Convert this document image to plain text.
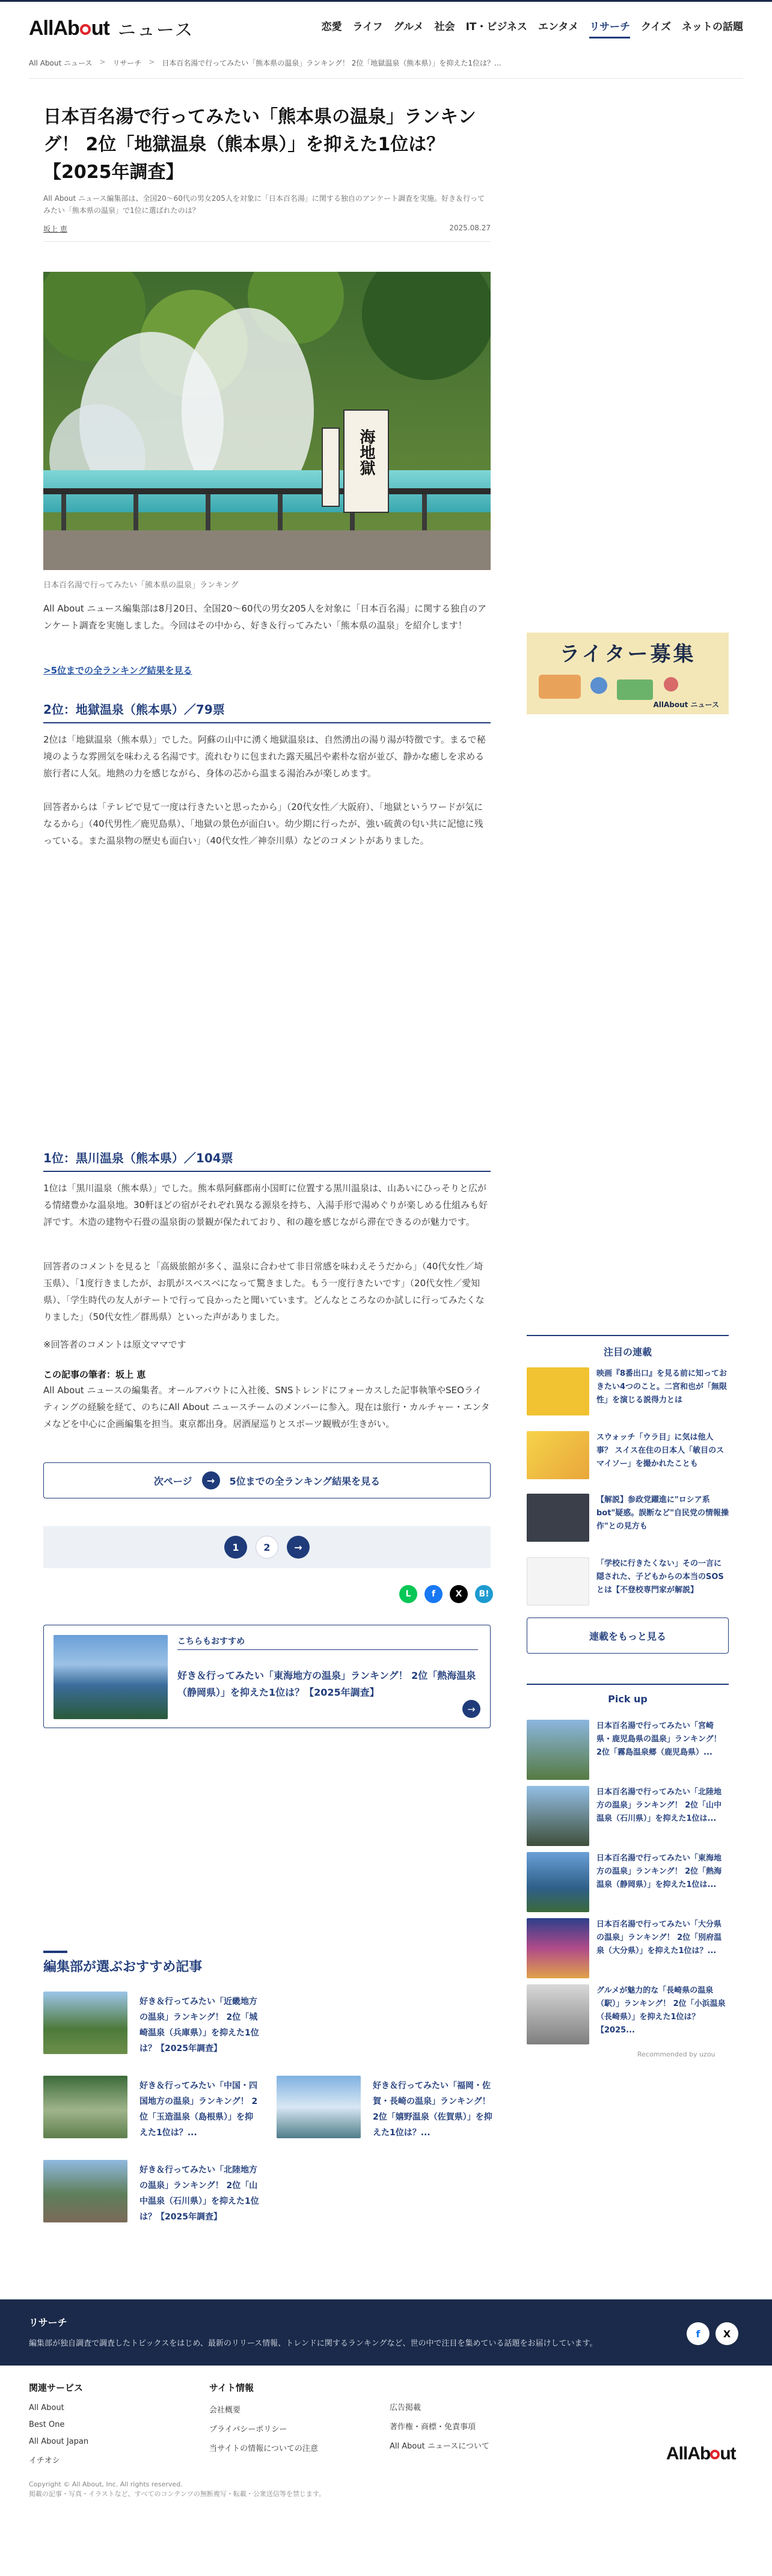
AllAb ut ニュース	恋愛 ライフ グルメ 社会 IT・ビジネス エンタメ リサーチ クイズ ネットの話題
All About ニュース > リサーチ > 日本百名湯で行ってみたい「熊本県の温泉」ランキング！ 2位「地獄温泉（熊本県）」を抑えた1位は？...
日本百名湯で行ってみたい「熊本県の温泉」ランキング！ 2位「地獄温泉（熊本県）」を抑えた1位は？【2025年調査】

All About ニュース編集部は、全国20〜60代の男女205人を対象に「日本百名湯」に関する独自のアンケート調査を実施。好き＆行ってみたい「熊本県の温泉」で1位に選ばれたのは？

坂上 恵	2025.08.27
海地獄

日本百名湯で行ってみたい「熊本県の温泉」ランキング

All About ニュース編集部は8月20日、全国20〜60代の男女205人を対象に「日本百名湯」に関する独自のアンケート調査を実施しました。今回はその中から、好き＆行ってみたい「熊本県の温泉」を紹介します！

>5位までの全ランキング結果を見る
2位：地獄温泉（熊本県）／79票

2位は「地獄温泉（熊本県）」でした。阿蘇の山中に湧く地獄温泉は、自然湧出の湯り湯が特徴です。まるで秘境のような雰囲気を味わえる名湯です。流れむりに包まれた露天風呂や素朴な宿が並び、静かな癒しを求める旅行者に人気。地熱の力を感じながら、身体の芯から温まる湯治みが楽しめます。

回答者からは「テレビで見て一度は行きたいと思ったから」（20代女性／大阪府）、「地獄というワードが気になるから」（40代男性／鹿児島県）、「地獄の景色が面白い。幼少期に行ったが、強い硫黄の匂い共に記憶に残っている。また温泉物の歴史も面白い」（40代女性／神奈川県）などのコメントがありました。

1位：黒川温泉（熊本県）／104票

1位は「黒川温泉（熊本県）」でした。熊本県阿蘇郡南小国町に位置する黒川温泉は、山あいにひっそりと広がる情緒豊かな温泉地。30軒ほどの宿がそれぞれ異なる源泉を持ち、入湯手形で湯めぐりが楽しめる仕組みも好評です。木造の建物や石畳の温泉街の景観が保たれており、和の趣を感じながら滞在できるのが魅力です。

回答者のコメントを見ると「高級旅館が多く、温泉に合わせて非日常感を味わえそうだから」（40代女性／埼玉県）、「1度行きましたが、お肌がスベスベになって驚きました。もう一度行きたいです」（20代女性／愛知県）、「学生時代の友人がテートで行って良かったと聞いています。どんなところなのか試しに行ってみたくなりました」（50代女性／群馬県）といった声がありました。

※回答者のコメントは原文ママです

この記事の筆者：坂上 恵

All About ニュースの編集者。オールアバウトに入社後、SNSトレンドにフォーカスした記事執筆やSEOライティングの経験を経て、のちにAll About ニュースチームのメンバーに参入。現在は旅行・カルチャー・エンタメなどを中心に企画編集を担当。東京都出身。居酒屋巡りとスポーツ観戦が生きがい。

次ページ	→	5位までの全ランキング結果を見る
1	2	→
L	f	X	B!
こちらもおすすめ
好き＆行ってみたい「東海地方の温泉」ランキング！ 2位「熱海温泉（静岡県）」を抑えた1位は？【2025年調査】
→
編集部が選ぶおすすめ記事
好き＆行ってみたい「近畿地方の温泉」ランキング！ 2位「城崎温泉（兵庫県）」を抑えた1位は？【2025年調査】
好き＆行ってみたい「中国・四国地方の温泉」ランキング！ 2位「玉造温泉（島根県）」を抑えた1位は？...
好き＆行ってみたい「福岡・佐賀・長崎の温泉」ランキング！ 2位「嬉野温泉（佐賀県）」を抑えた1位は？...
好き＆行ってみたい「北陸地方の温泉」ランキング！ 2位「山中温泉（石川県）」を抑えた1位は？【2025年調査】
ライター募集
AllAbout ニュース
注目の連載
映画『8番出口』を見る前に知っておきたい4つのこと。二宮和也が「無限性」を演じる説得力とは
スウォッチ「ウラ目」に気は他人事？ スイス在住の日本人「敏目のスマイソー」を撮かれたことも
【解説】参政党躍進に"ロシア系bot"疑惑。誤断など"自民党の情報操作"との見方も
「学校に行きたくない」その一言に隠された、子どもからの本当のSOSとは【不登校専門家が解説】
連載をもっと見る
Pick up
日本百名湯で行ってみたい「宮崎県・鹿児島県の温泉」ランキング！ 2位「霧島温泉郷（鹿児島県）...
日本百名湯で行ってみたい「北陸地方の温泉」ランキング！ 2位「山中温泉（石川県）」を抑えた1位は...
日本百名湯で行ってみたい「東海地方の温泉」ランキング！ 2位「熱海温泉（静岡県）」を抑えた1位は...
日本百名湯で行ってみたい「大分県の温泉」ランキング！ 2位「別府温泉（大分県）」を抑えた1位は？...
グルメが魅力的な「長崎県の温泉（駅）」ランキング！ 2位「小浜温泉（長崎県）」を抑えた1位は？【2025...
Recommended by uzou
リサーチ
編集部が独自調査で調査したトピックスをはじめ、最新のリリース情報、トレンドに関するランキングなど、世の中で注目を集めている話題をお届けしています。
f	X
関連サービス
All About
Best One
All About Japan
イチオシ
サイト情報
会社概要
プライバシーポリシー
当サイトの情報についての注意
広告掲載
著作権・商標・免責事項
All About ニュースについて	AllAb ut
Copyright © All About, Inc. All rights reserved.
掲載の記事・写真・イラストなど、すべてのコンテンツの無断複写・転載・公衆送信等を禁じます。
